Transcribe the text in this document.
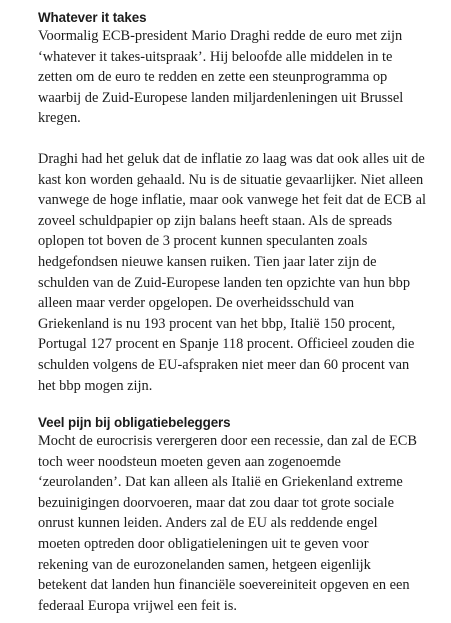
Whatever it takes

Voormalig ECB-president Mario Draghi redde de euro met zijn
‘whatever it takes-uitspraak’. Hij beloofde alle middelen in te
zetten om de euro te redden en zette een steunprogramma op
waarbij de Zuid-Europese landen miljardenleningen uit Brussel
kregen.

Draghi had het geluk dat de inflatie zo laag was dat ook alles uit de
kast kon worden gehaald. Nu is de situatie gevaarlijker. Niet alleen
vanwege de hoge inflatie, maar ook vanwege het feit dat de ECB al
zoveel schuldpapier op zijn balans heeft staan. Als de spreads
oplopen tot boven de 3 procent kunnen speculanten zoals
hedgefondsen nieuwe kansen ruiken. Tien jaar later zijn de
schulden van de Zuid-Europese landen ten opzichte van hun bbp
alleen maar verder opgelopen. De overheidsschuld van
Griekenland is nu 193 procent van het bbp, Italië 150 procent,
Portugal 127 procent en Spanje 118 procent. Officieel zouden die
schulden volgens de EU-afspraken niet meer dan 60 procent van
het bbp mogen zijn.

Veel pijn bij obligatiebeleggers

Mocht de eurocrisis verergeren door een recessie, dan zal de ECB
toch weer noodsteun moeten geven aan zogenoemde
‘zeurolanden’. Dat kan alleen als Italië en Griekenland extreme
bezuinigingen doorvoeren, maar dat zou daar tot grote sociale
onrust kunnen leiden. Anders zal de EU als reddende engel
moeten optreden door obligatieleningen uit te geven voor
rekening van de eurozonelanden samen, hetgeen eigenlijk
betekent dat landen hun financiële soevereiniteit opgeven en een
federaal Europa vrijwel een feit is.
